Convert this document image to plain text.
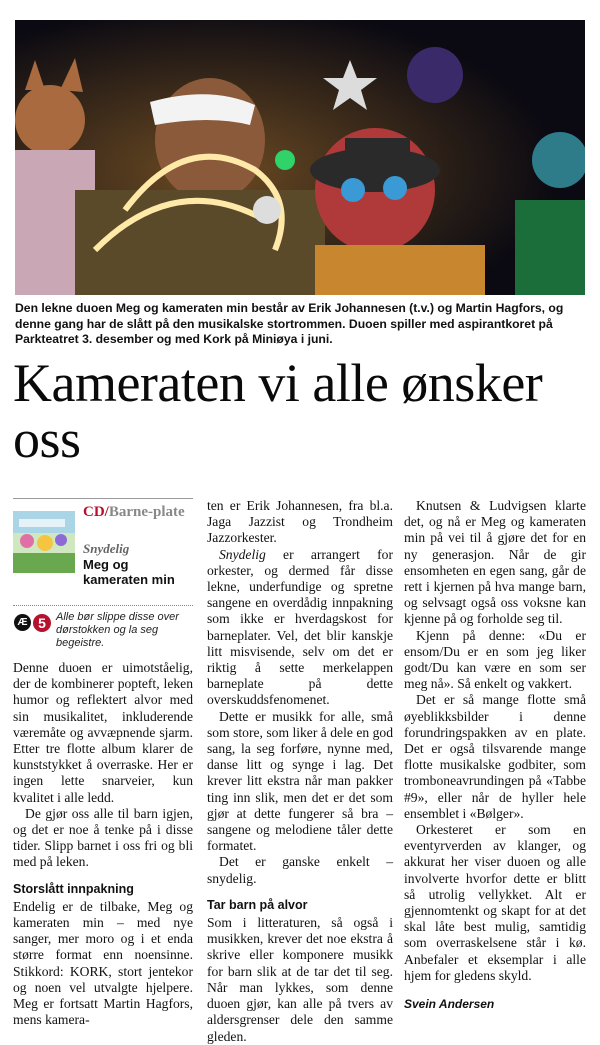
Den lekne duoen Meg og kameraten min består av Erik Johannesen (t.v.) og Martin Hagfors, og denne gang har de slått på den musikalske stortrommen. Duoen spiller med aspirantkoret på Parkteatret 3. desember og med Kork på Miniøya i juni.
Kameraten vi alle ønsker oss
CD/Barne-plate
Snydelig
Meg og kameraten min
Æ 5 Alle bør slippe disse over dørstokken og la seg begeistre.

Denne duoen er uimotståelig, der de kombinerer popteft, leken humor og reflektert alvor med sin musikalitet, inkluderende væremåte og avvæpnende sjarm. Etter tre flotte album klarer de kunststykket å overraske. Her er ingen lette snarveier, kun kvalitet i alle ledd.

De gjør oss alle til barn igjen, og det er noe å tenke på i disse tider. Slipp barnet i oss fri og bli med på leken.

Storslått innpakning

Endelig er de tilbake, Meg og kameraten min – med nye sanger, mer moro og i et enda større format enn noensinne. Stikkord: KORK, stort jentekor og noen vel utvalgte hjelpere. Meg er fortsatt Martin Hagfors, mens kamera-

ten er Erik Johannesen, fra bl.a. Jaga Jazzist og Trondheim Jazzorkester.

Snydelig er arrangert for orkester, og dermed får disse lekne, underfundige og spretne sangene en overdådig innpakning som ikke er hverdagskost for barneplater. Vel, det blir kanskje litt misvisende, selv om det er riktig å sette merkelappen barneplate på dette overskuddsfenomenet.

Dette er musikk for alle, små som store, som liker å dele en god sang, la seg forføre, nynne med, danse litt og synge i lag. Det krever litt ekstra når man pakker ting inn slik, men det er det som gjør at dette fungerer så bra – sangene og melodiene tåler dette formatet.

Det er ganske enkelt – snydelig.

Tar barn på alvor

Som i litteraturen, så også i musikken, krever det noe ekstra å skrive eller komponere musikk for barn slik at de tar det til seg. Når man lykkes, som denne duoen gjør, kan alle på tvers av aldersgrenser dele den samme gleden.

Knutsen & Ludvigsen klarte det, og nå er Meg og kameraten min på vei til å gjøre det for en ny generasjon. Når de gir ensomheten en egen sang, går de rett i kjernen på hva mange barn, og selvsagt også oss voksne kan kjenne på og forholde seg til.

Kjenn på denne: «Du er ensom/Du er en som jeg liker godt/Du kan være en som ser meg nå». Så enkelt og vakkert.

Det er så mange flotte små øyeblikksbilder i denne forundringspakken av en plate. Det er også tilsvarende mange flotte musikalske godbiter, som tromboneavrundingen på «Tabbe #9», eller når de hyller hele ensemblet i «Bølger».

Orkesteret er som en eventyrverden av klanger, og akkurat her viser duoen og alle involverte hvorfor dette er blitt så utrolig vellykket. Alt er gjennomtenkt og skapt for at det skal låte best mulig, samtidig som overraskelsene står i kø. Anbefaler et eksemplar i alle hjem for gledens skyld.

Svein Andersen
